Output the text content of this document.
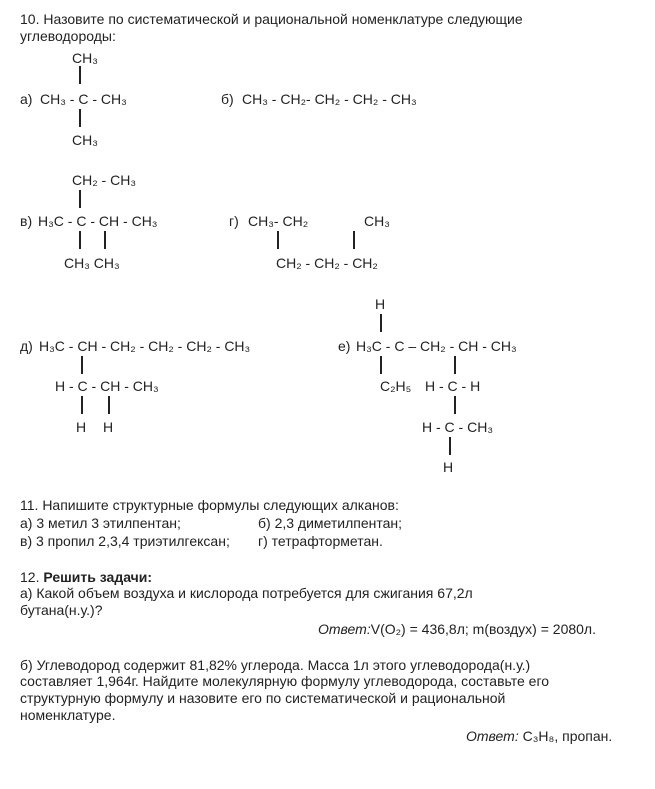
10. Назовите по систематической и рациональной номенклатуре следующие
углеводороды:
CH₃
а) CH₃ - C - CH₃
CH₃
б) CH₃ - CH₂- CH₂ - CH₂ - CH₃
CH₂ - CH₃
в) H₃C - C - CH - CH₃
CH₃ CH₃
г) CH₃- CH₂	CH₃
CH₂ - CH₂ - CH₂
д) H₃C - CH - CH₂ - CH₂ - CH₂ - CH₃
H - C - CH - CH₃
H H
H
е) H₃C - C – CH₂ - CH - CH₃
C₂H₅ H - C - H
H - C - CH₃
H
11. Напишите структурные формулы следующих алканов:
а) 3 метил 3 этилпентан;	б) 2,3 диметилпентан;
в) 3 пропил 2,3,4 триэтилгексан; г) тетрафторметан.
12. Решить задачи:
а) Какой объем воздуха и кислорода потребуется для сжигания 67,2л
бутана(н.у.)?
Ответ:V(O₂) = 436,8л; m(воздух) = 2080л.
б) Углеводород содержит 81,82% углерода. Масса 1л этого углеводорода(н.у.)
составляет 1,964г. Найдите молекулярную формулу углеводорода, составьте его
структурную формулу и назовите его по систематической и рациональной
номенклатуре.
Ответ: C₃H₈, пропан.
